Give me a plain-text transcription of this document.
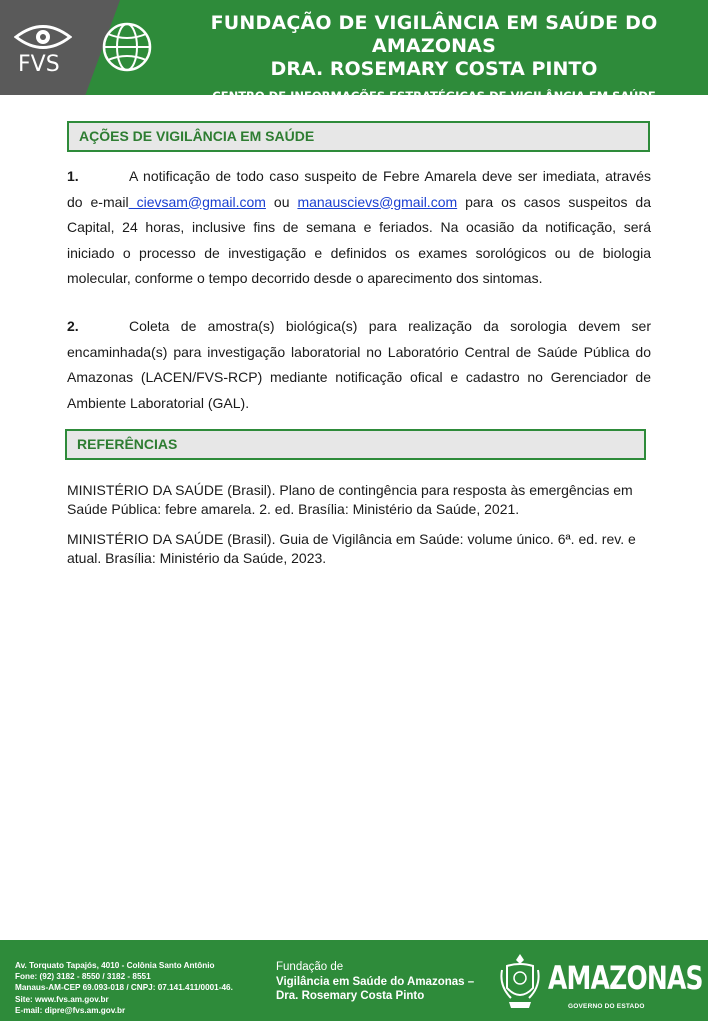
FVS
FUNDAÇÃO DE VIGILÂNCIA EM SAÚDE DO AMAZONAS
DRA. ROSEMARY COSTA PINTO
CENTRO DE INFORMAÇÕES ESTRATÉGICAS DE VIGILÂNCIA EM SAÚDE
AÇÕES DE VIGILÂNCIA EM SAÚDE
1.	A notificação de todo caso suspeito de Febre Amarela deve ser imediata, através do e-mail cievsam@gmail.com ou manauscievs@gmail.com para os casos suspeitos da Capital, 24 horas, inclusive fins de semana e feriados. Na ocasião da notificação, será iniciado o processo de investigação e definidos os exames sorológicos ou de biologia molecular, conforme o tempo decorrido desde o aparecimento dos sintomas.
2.	Coleta de amostra(s) biológica(s) para realização da sorologia devem ser encaminhada(s) para investigação laboratorial no Laboratório Central de Saúde Pública do Amazonas (LACEN/FVS-RCP) mediante notificação ofical e cadastro no Gerenciador de Ambiente Laboratorial (GAL).
REFERÊNCIAS
MINISTÉRIO DA SAÚDE (Brasil). Plano de contingência para resposta às emergências em Saúde Pública: febre amarela. 2. ed. Brasília: Ministério da Saúde, 2021.
MINISTÉRIO DA SAÚDE (Brasil). Guia de Vigilância em Saúde: volume único. 6ª. ed. rev. e atual. Brasília: Ministério da Saúde, 2023.
Av. Torquato Tapajós, 4010 - Colônia Santo Antônio
Fone: (92) 3182 - 8550 / 3182 - 8551
Manaus-AM-CEP 69.093-018 / CNPJ: 07.141.411/0001-46.
Site: www.fvs.am.gov.br
E-mail: dipre@fvs.am.gov.br
Fundação de
Vigilância em Saúde do Amazonas –
Dra. Rosemary Costa Pinto	AMAZONAS
GOVERNO DO ESTADO
